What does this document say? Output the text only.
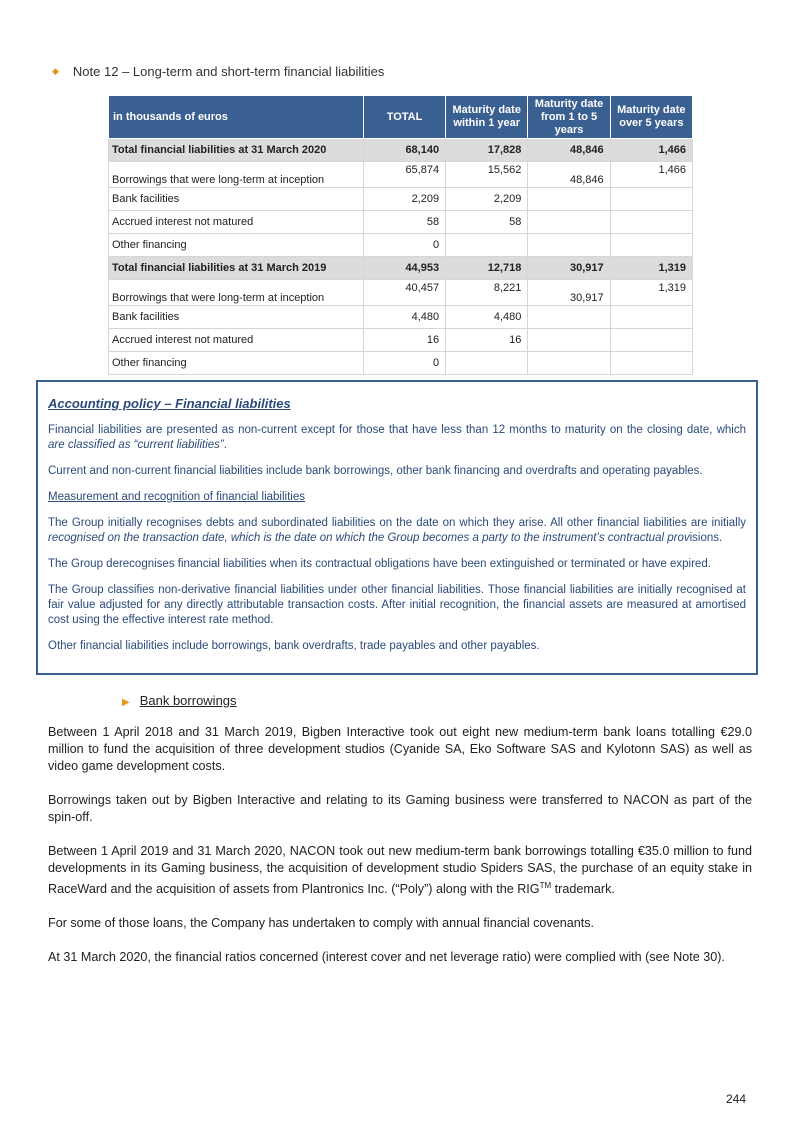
◆ Note 12 – Long-term and short-term financial liabilities
in thousands of euros	TOTAL	Maturity date within 1 year	Maturity date from 1 to 5 years	Maturity date over 5 years
Total financial liabilities at 31 March 2020	68,140	17,828	48,846	1,466
Borrowings that were long-term at inception	65,874	15,562	48,846	1,466
Bank facilities	2,209	2,209		
Accrued interest not matured	58	58		
Other financing	0			
Total financial liabilities at 31 March 2019	44,953	12,718	30,917	1,319
Borrowings that were long-term at inception	40,457	8,221	30,917	1,319
Bank facilities	4,480	4,480		
Accrued interest not matured	16	16		
Other financing	0			
Accounting policy – Financial liabilities

Financial liabilities are presented as non-current except for those that have less than 12 months to maturity on the closing date, which are classified as “current liabilities”.

Current and non-current financial liabilities include bank borrowings, other bank financing and overdrafts and operating payables.

Measurement and recognition of financial liabilities

The Group initially recognises debts and subordinated liabilities on the date on which they arise. All other financial liabilities are initially recognised on the transaction date, which is the date on which the Group becomes a party to the instrument’s contractual provisions.

The Group derecognises financial liabilities when its contractual obligations have been extinguished or terminated or have expired.

The Group classifies non-derivative financial liabilities under other financial liabilities. Those financial liabilities are initially recognised at fair value adjusted for any directly attributable transaction costs. After initial recognition, the financial assets are measured at amortised cost using the effective interest rate method.

Other financial liabilities include borrowings, bank overdrafts, trade payables and other payables.

▶ Bank borrowings

Between 1 April 2018 and 31 March 2019, Bigben Interactive took out eight new medium-term bank loans totalling €29.0 million to fund the acquisition of three development studios (Cyanide SA, Eko Software SAS and Kylotonn SAS) as well as video game development costs.

Borrowings taken out by Bigben Interactive and relating to its Gaming business were transferred to NACON as part of the spin-off.

Between 1 April 2019 and 31 March 2020, NACON took out new medium-term bank borrowings totalling €35.0 million to fund developments in its Gaming business, the acquisition of development studio Spiders SAS, the purchase of an equity stake in RaceWard and the acquisition of assets from Plantronics Inc. (“Poly”) along with the RIG™ trademark.

For some of those loans, the Company has undertaken to comply with annual financial covenants.

At 31 March 2020, the financial ratios concerned (interest cover and net leverage ratio) were complied with (see Note 30).

244
